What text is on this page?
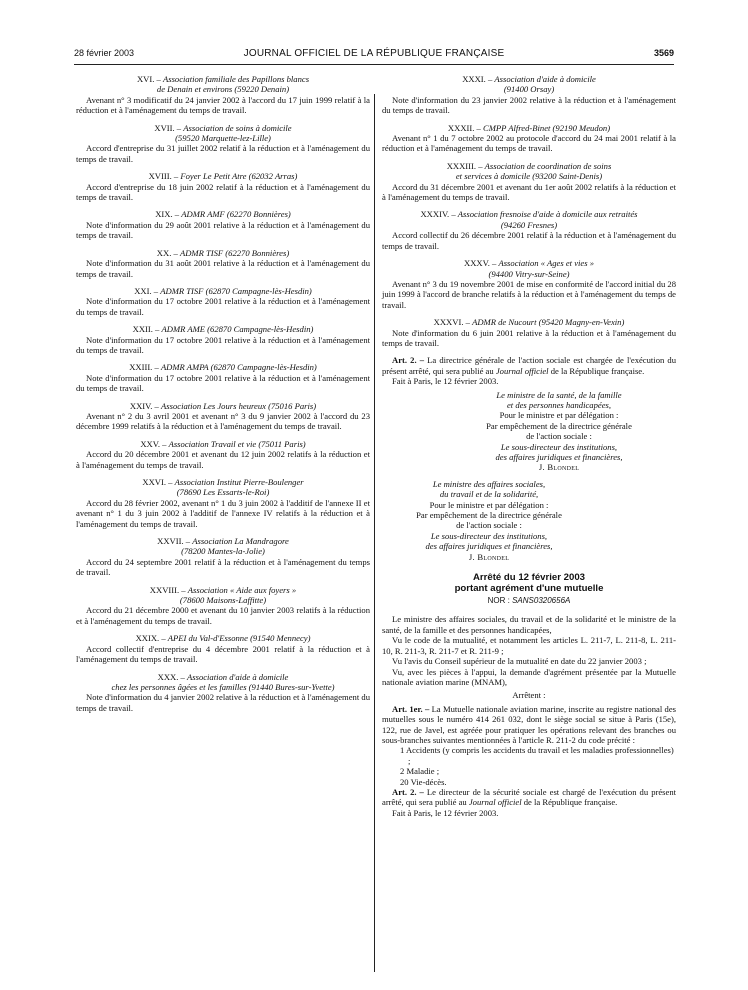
28 février 2003	JOURNAL OFFICIEL DE LA RÉPUBLIQUE FRANÇAISE	3569
XVI. – Association familiale des Papillons blancs
de Denain et environs (59220 Denain)
Avenant n° 3 modificatif du 24 janvier 2002 à l'accord du 17 juin 1999 relatif à la réduction et à l'aménagement du temps de travail.
XVII. – Association de soins à domicile
(59520 Marquette-lez-Lille)
Accord d'entreprise du 31 juillet 2002 relatif à la réduction et à l'aménagement du temps de travail.
XVIII. – Foyer Le Petit Atre (62032 Arras)
Accord d'entreprise du 18 juin 2002 relatif à la réduction et à l'aménagement du temps de travail.
XIX. – ADMR AMF (62270 Bonnières)
Note d'information du 29 août 2001 relative à la réduction et à l'aménagement du temps de travail.
XX. – ADMR TISF (62270 Bonnières)
Note d'information du 31 août 2001 relative à la réduction et à l'aménagement du temps de travail.
XXI. – ADMR TISF (62870 Campagne-lès-Hesdin)
Note d'information du 17 octobre 2001 relative à la réduction et à l'aménagement du temps de travail.
XXII. – ADMR AME (62870 Campagne-lès-Hesdin)
Note d'information du 17 octobre 2001 relative à la réduction et à l'aménagement du temps de travail.
XXIII. – ADMR AMPA (62870 Campagne-lès-Hesdin)
Note d'information du 17 octobre 2001 relative à la réduction et à l'aménagement du temps de travail.
XXIV. – Association Les Jours heureux (75016 Paris)
Avenant n° 2 du 3 avril 2001 et avenant n° 3 du 9 janvier 2002 à l'accord du 23 décembre 1999 relatifs à la réduction et à l'aménagement du temps de travail.
XXV. – Association Travail et vie (75011 Paris)
Accord du 20 décembre 2001 et avenant du 12 juin 2002 relatifs à la réduction et à l'aménagement du temps de travail.
XXVI. – Association Institut Pierre-Boulenger
(78690 Les Essarts-le-Roi)
Accord du 28 février 2002, avenant n° 1 du 3 juin 2002 à l'additif de l'annexe II et avenant n° 1 du 3 juin 2002 à l'additif de l'annexe IV relatifs à la réduction et à l'aménagement du temps de travail.
XXVII. – Association La Mandragore
(78200 Mantes-la-Jolie)
Accord du 24 septembre 2001 relatif à la réduction et à l'aménagement du temps de travail.
XXVIII. – Association « Aide aux foyers »
(78600 Maisons-Laffitte)
Accord du 21 décembre 2000 et avenant du 10 janvier 2003 relatifs à la réduction et à l'aménagement du temps de travail.
XXIX. – APEI du Val-d'Essonne (91540 Mennecy)
Accord collectif d'entreprise du 4 décembre 2001 relatif à la réduction et à l'aménagement du temps de travail.
XXX. – Association d'aide à domicile
chez les personnes âgées et les familles (91440 Bures-sur-Yvette)
Note d'information du 4 janvier 2002 relative à la réduction et à l'aménagement du temps de travail.
XXXI. – Association d'aide à domicile
(91400 Orsay)
Note d'information du 23 janvier 2002 relative à la réduction et à l'aménagement du temps de travail.
XXXII. – CMPP Alfred-Binet (92190 Meudon)
Avenant n° 1 du 7 octobre 2002 au protocole d'accord du 24 mai 2001 relatif à la réduction et à l'aménagement du temps de travail.
XXXIII. – Association de coordination de soins
et services à domicile (93200 Saint-Denis)
Accord du 31 décembre 2001 et avenant du 1er août 2002 relatifs à la réduction et à l'aménagement du temps de travail.
XXXIV. – Association fresnoise d'aide à domicile aux retraités
(94260 Fresnes)
Accord collectif du 26 décembre 2001 relatif à la réduction et à l'aménagement du temps de travail.
XXXV. – Association « Ages et vies »
(94400 Vitry-sur-Seine)
Avenant n° 3 du 19 novembre 2001 de mise en conformité de l'accord initial du 28 juin 1999 à l'accord de branche relatifs à la réduction et à l'aménagement du temps de travail.
XXXVI. – ADMR de Nucourt (95420 Magny-en-Vexin)
Note d'information du 6 juin 2001 relative à la réduction et à l'aménagement du temps de travail.

Art. 2. – La directrice générale de l'action sociale est chargée de l'exécution du présent arrêté, qui sera publié au Journal officiel de la République française.

Fait à Paris, le 12 février 2003.

Le ministre de la santé, de la famille
et des personnes handicapées,
Pour le ministre et par délégation :
Par empêchement de la directrice générale
de l'action sociale :
Le sous-directeur des institutions,
des affaires juridiques et financières,
J. Blondel
Le ministre des affaires sociales,
du travail et de la solidarité,
Pour le ministre et par délégation :
Par empêchement de la directrice générale
de l'action sociale :
Le sous-directeur des institutions,
des affaires juridiques et financières,
J. Blondel
Arrêté du 12 février 2003
portant agrément d'une mutuelle
NOR : SANS0320656A

Le ministre des affaires sociales, du travail et de la solidarité et le ministre de la santé, de la famille et des personnes handicapées,

Vu le code de la mutualité, et notamment les articles L. 211-7, L. 211-8, L. 211-10, R. 211-3, R. 211-7 et R. 211-9 ;

Vu l'avis du Conseil supérieur de la mutualité en date du 22 janvier 2003 ;

Vu, avec les pièces à l'appui, la demande d'agrément présentée par la Mutuelle nationale aviation marine (MNAM),

Arrêtent :

Art. 1er. – La Mutuelle nationale aviation marine, inscrite au registre national des mutuelles sous le numéro 414 261 032, dont le siège social se situe à Paris (15e), 122, rue de Javel, est agréée pour pratiquer les opérations relevant des branches ou sous-branches suivantes mentionnées à l'article R. 211-2 du code précité :

1 Accidents (y compris les accidents du travail et les maladies professionnelles) ;
2 Maladie ;
20 Vie-décès.

Art. 2. – Le directeur de la sécurité sociale est chargé de l'exécution du présent arrêté, qui sera publié au Journal officiel de la République française.

Fait à Paris, le 12 février 2003.
